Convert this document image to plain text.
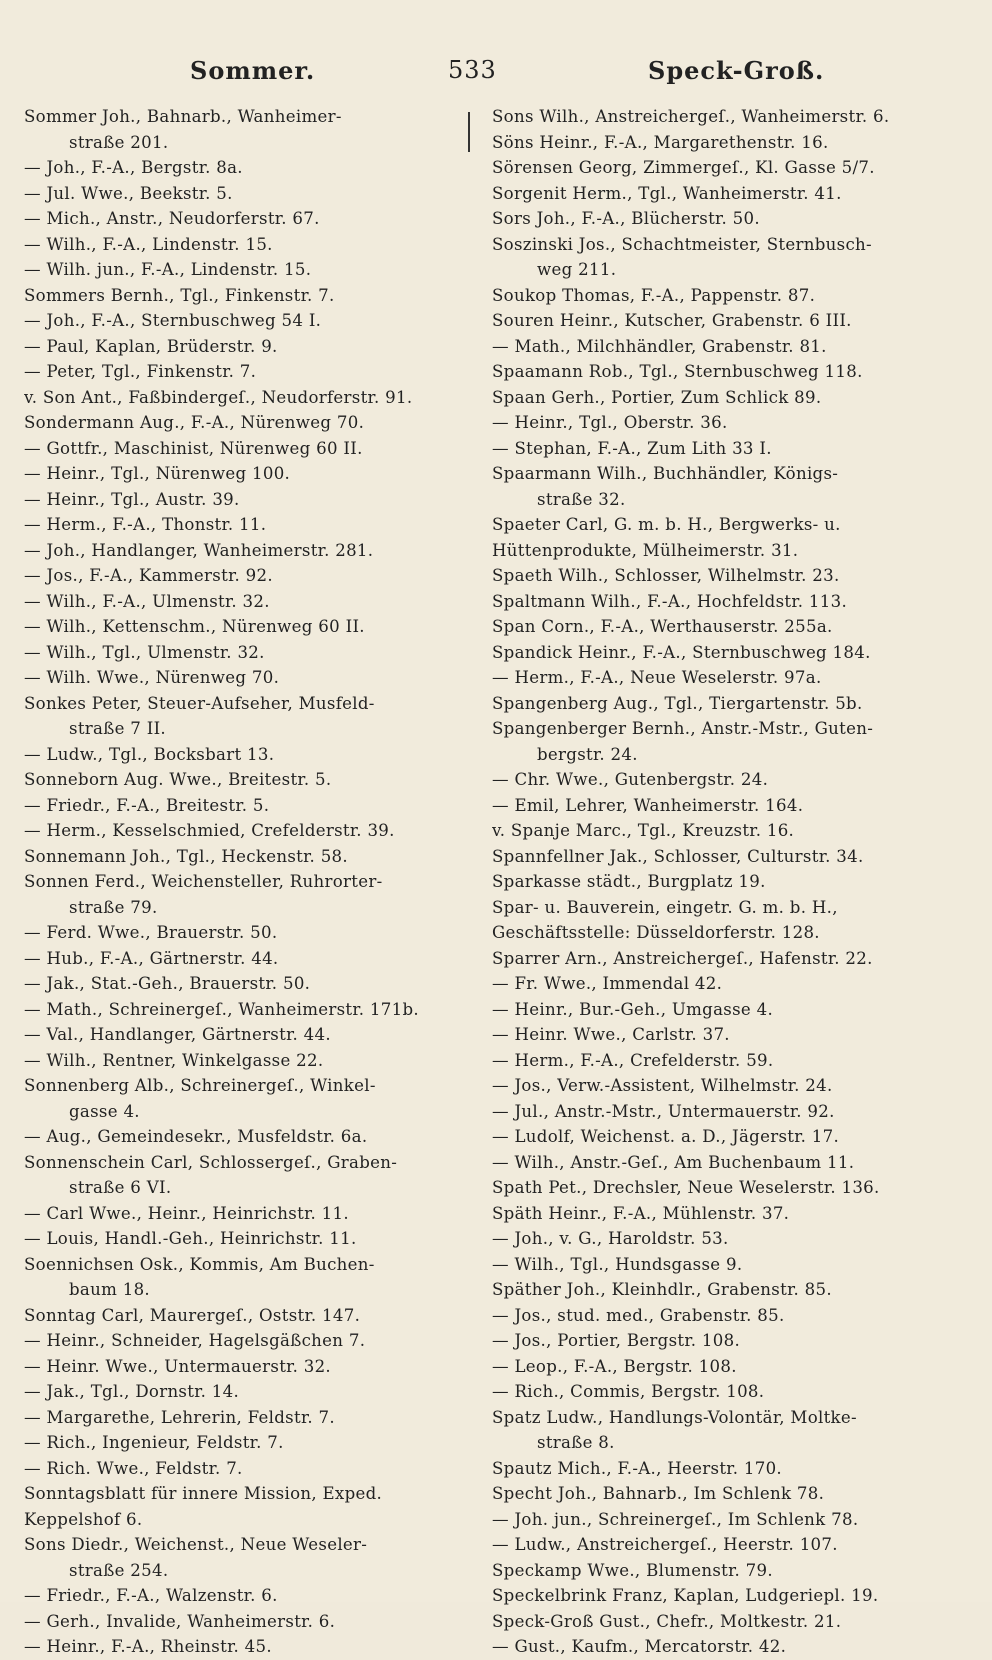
Sommer.	533	Speck-Groß.
Sommer Joh., Bahnarb., Wanheimer-
straße 201.
— Joh., F.-A., Bergstr. 8a.
— Jul. Wwe., Beekstr. 5.
— Mich., Anstr., Neudorferstr. 67.
— Wilh., F.-A., Lindenstr. 15.
— Wilh. jun., F.-A., Lindenstr. 15.
Sommers Bernh., Tgl., Finkenstr. 7.
— Joh., F.-A., Sternbuschweg 54 I.
— Paul, Kaplan, Brüderstr. 9.
— Peter, Tgl., Finkenstr. 7.
v. Son Ant., Faßbindergeſ., Neudorferstr. 91.
Sondermann Aug., F.-A., Nürenweg 70.
— Gottfr., Maschinist, Nürenweg 60 II.
— Heinr., Tgl., Nürenweg 100.
— Heinr., Tgl., Austr. 39.
— Herm., F.-A., Thonstr. 11.
— Joh., Handlanger, Wanheimerstr. 281.
— Jos., F.-A., Kammerstr. 92.
— Wilh., F.-A., Ulmenstr. 32.
— Wilh., Kettenschm., Nürenweg 60 II.
— Wilh., Tgl., Ulmenstr. 32.
— Wilh. Wwe., Nürenweg 70.
Sonkes Peter, Steuer-Aufseher, Musfeld-
straße 7 II.
— Ludw., Tgl., Bocksbart 13.
Sonneborn Aug. Wwe., Breitestr. 5.
— Friedr., F.-A., Breitestr. 5.
— Herm., Kesselschmied, Crefelderstr. 39.
Sonnemann Joh., Tgl., Heckenstr. 58.
Sonnen Ferd., Weichensteller, Ruhrorter-
straße 79.
— Ferd. Wwe., Brauerstr. 50.
— Hub., F.-A., Gärtnerstr. 44.
— Jak., Stat.-Geh., Brauerstr. 50.
— Math., Schreinergeſ., Wanheimerstr. 171b.
— Val., Handlanger, Gärtnerstr. 44.
— Wilh., Rentner, Winkelgasse 22.
Sonnenberg Alb., Schreinergeſ., Winkel-
gasse 4.
— Aug., Gemeindesekr., Musfeldstr. 6a.
Sonnenschein Carl, Schlossergeſ., Graben-
straße 6 VI.
— Carl Wwe., Heinr., Heinrichstr. 11.
— Louis, Handl.-Geh., Heinrichstr. 11.
Soennichsen Osk., Kommis, Am Buchen-
baum 18.
Sonntag Carl, Maurergeſ., Oststr. 147.
— Heinr., Schneider, Hagelsgäßchen 7.
— Heinr. Wwe., Untermauerstr. 32.
— Jak., Tgl., Dornstr. 14.
— Margarethe, Lehrerin, Feldstr. 7.
— Rich., Ingenieur, Feldstr. 7.
— Rich. Wwe., Feldstr. 7.
Sonntagsblatt für innere Mission, Exped.
Keppelshof 6.
Sons Diedr., Weichenst., Neue Weseler-
straße 254.
— Friedr., F.-A., Walzenstr. 6.
— Gerh., Invalide, Wanheimerstr. 6.
— Heinr., F.-A., Rheinstr. 45.
Sons Wilh., Anstreichergeſ., Wanheimerstr. 6.
Söns Heinr., F.-A., Margarethenstr. 16.
Sörensen Georg, Zimmergeſ., Kl. Gasse 5/7.
Sorgenit Herm., Tgl., Wanheimerstr. 41.
Sors Joh., F.-A., Blücherstr. 50.
Soszinski Jos., Schachtmeister, Sternbusch-
weg 211.
Soukop Thomas, F.-A., Pappenstr. 87.
Souren Heinr., Kutscher, Grabenstr. 6 III.
— Math., Milchhändler, Grabenstr. 81.
Spaamann Rob., Tgl., Sternbuschweg 118.
Spaan Gerh., Portier, Zum Schlick 89.
— Heinr., Tgl., Oberstr. 36.
— Stephan, F.-A., Zum Lith 33 I.
Spaarmann Wilh., Buchhändler, Königs-
straße 32.
Spaeter Carl, G. m. b. H., Bergwerks- u.
Hüttenprodukte, Mülheimerstr. 31.
Spaeth Wilh., Schlosser, Wilhelmstr. 23.
Spaltmann Wilh., F.-A., Hochfeldstr. 113.
Span Corn., F.-A., Werthauserstr. 255a.
Spandick Heinr., F.-A., Sternbuschweg 184.
— Herm., F.-A., Neue Weselerstr. 97a.
Spangenberg Aug., Tgl., Tiergartenstr. 5b.
Spangenberger Bernh., Anstr.-Mstr., Guten-
bergstr. 24.
— Chr. Wwe., Gutenbergstr. 24.
— Emil, Lehrer, Wanheimerstr. 164.
v. Spanje Marc., Tgl., Kreuzstr. 16.
Spannfellner Jak., Schlosser, Culturstr. 34.
Sparkasse städt., Burgplatz 19.
Spar- u. Bauverein, eingetr. G. m. b. H.,
Geschäftsstelle: Düsseldorferstr. 128.
Sparrer Arn., Anstreichergeſ., Hafenstr. 22.
— Fr. Wwe., Immendal 42.
— Heinr., Bur.-Geh., Umgasse 4.
— Heinr. Wwe., Carlstr. 37.
— Herm., F.-A., Crefelderstr. 59.
— Jos., Verw.-Assistent, Wilhelmstr. 24.
— Jul., Anstr.-Mstr., Untermauerstr. 92.
— Ludolf, Weichenst. a. D., Jägerstr. 17.
— Wilh., Anstr.-Geſ., Am Buchenbaum 11.
Spath Pet., Drechsler, Neue Weselerstr. 136.
Späth Heinr., F.-A., Mühlenstr. 37.
— Joh., v. G., Haroldstr. 53.
— Wilh., Tgl., Hundsgasse 9.
Späther Joh., Kleinhdlr., Grabenstr. 85.
— Jos., stud. med., Grabenstr. 85.
— Jos., Portier, Bergstr. 108.
— Leop., F.-A., Bergstr. 108.
— Rich., Commis, Bergstr. 108.
Spatz Ludw., Handlungs-Volontär, Moltke-
straße 8.
Spautz Mich., F.-A., Heerstr. 170.
Specht Joh., Bahnarb., Im Schlenk 78.
— Joh. jun., Schreinergeſ., Im Schlenk 78.
— Ludw., Anstreichergeſ., Heerstr. 107.
Speckamp Wwe., Blumenstr. 79.
Speckelbrink Franz, Kaplan, Ludgeriepl. 19.
Speck-Groß Gust., Chefr., Moltkestr. 21.
— Gust., Kaufm., Mercatorstr. 42.
